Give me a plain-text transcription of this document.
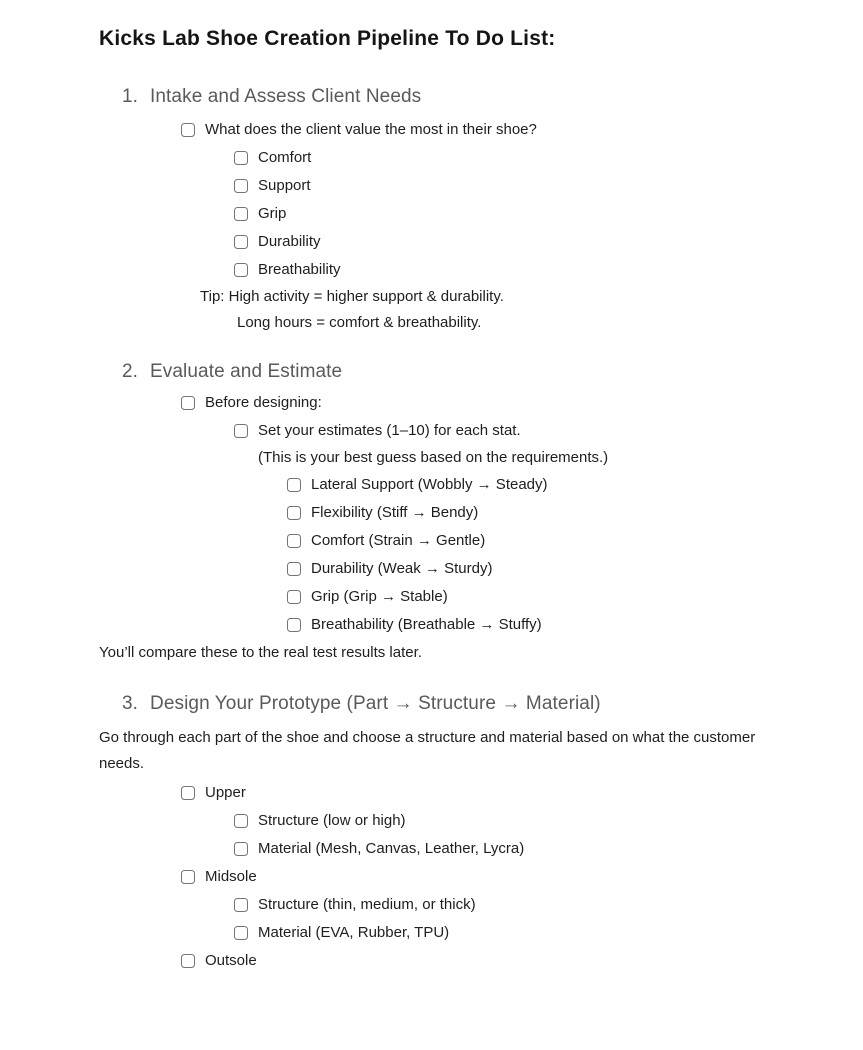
Kicks Lab Shoe Creation Pipeline To Do List:
1. Intake and Assess Client Needs
What does the client value the most in their shoe?
Comfort
Support
Grip
Durability
Breathability
Tip: High activity = higher support & durability.
Long hours = comfort & breathability.
2. Evaluate and Estimate
Before designing:
Set your estimates (1–10) for each stat.
(This is your best guess based on the requirements.)
Lateral Support (Wobbly → Steady)
Flexibility (Stiff → Bendy)
Comfort (Strain → Gentle)
Durability (Weak → Sturdy)
Grip (Grip → Stable)
Breathability (Breathable → Stuffy)
You’ll compare these to the real test results later.
3. Design Your Prototype (Part → Structure → Material)
Go through each part of the shoe and choose a structure and material based on what the customer needs.
Upper
Structure (low or high)
Material (Mesh, Canvas, Leather, Lycra)
Midsole
Structure (thin, medium, or thick)
Material (EVA, Rubber, TPU)
Outsole
